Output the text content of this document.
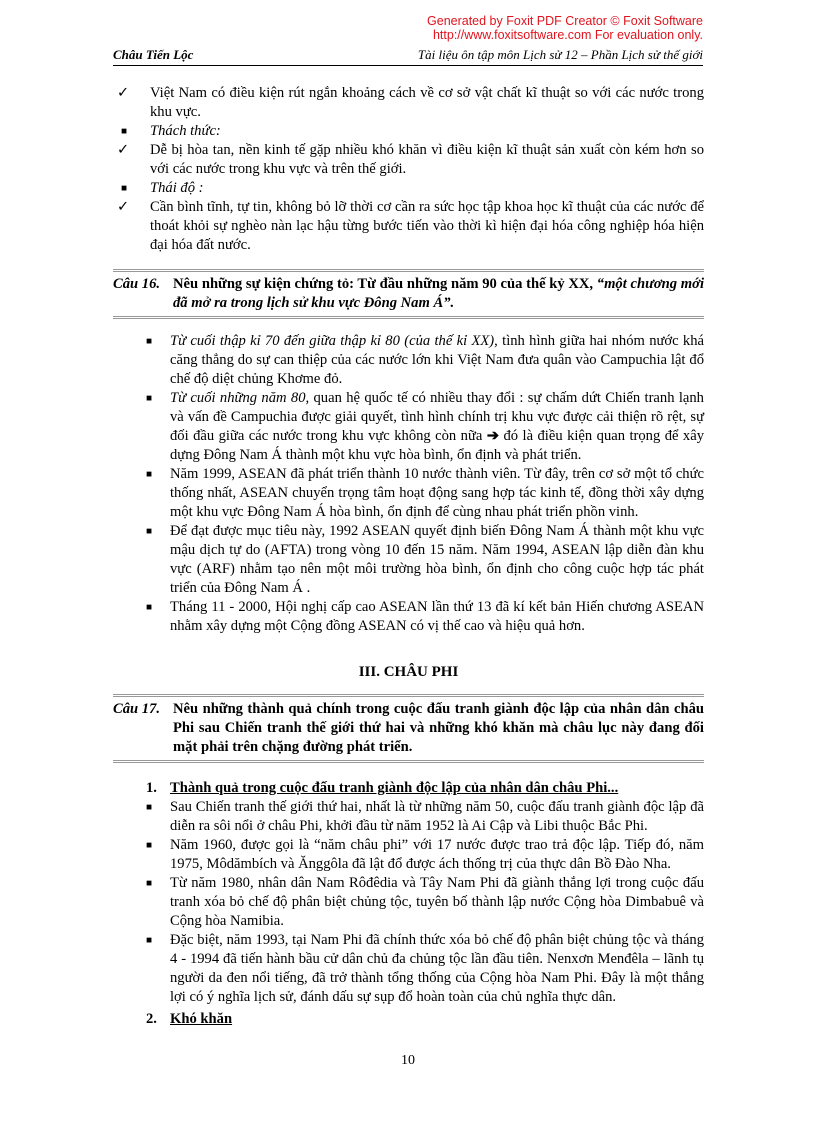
Generated by Foxit PDF Creator © Foxit Software
http://www.foxitsoftware.com For evaluation only.
Châu Tiến Lộc	Tài liệu ôn tập môn Lịch sử 12 – Phần Lịch sử thế giới
✓	Việt Nam có điều kiện rút ngắn khoảng cách về cơ sở vật chất kĩ thuật so với các nước trong khu vực.
■	Thách thức:
✓	Dễ bị hòa tan, nền kinh tế gặp nhiều khó khăn vì điều kiện kĩ thuật sản xuất còn kém hơn so với các nước trong khu vực và trên thế giới.
■	Thái độ :
✓	Cần bình tĩnh, tự tin, không bỏ lỡ thời cơ cần ra sức học tập khoa học kĩ thuật của các nước để thoát khỏi sự nghèo nàn lạc hậu từng bước tiến vào thời kì hiện đại hóa công nghiệp hóa hiện đại hóa đất nước.
Câu 16. Nêu những sự kiện chứng tỏ: Từ đầu những năm 90 của thế kỷ XX, “một chương mới đã mở ra trong lịch sử khu vực Đông Nam Á”.
■	Từ cuối thập kỉ 70 đến giữa thập kỉ 80 (của thế kỉ XX), tình hình giữa hai nhóm nước khá căng thẳng do sự can thiệp của các nước lớn khi Việt Nam đưa quân vào Campuchia lật đổ chế độ diệt chủng Khơme đỏ.
■	Từ cuối những năm 80, quan hệ quốc tế có nhiều thay đổi : sự chấm dứt Chiến tranh lạnh và vấn đề Campuchia được giải quyết, tình hình chính trị khu vực được cải thiện rõ rệt, sự đối đầu giữa các nước trong khu vực không còn nữa ➔ đó là điều kiện quan trọng để xây dựng Đông Nam Á thành một khu vực hòa bình, ổn định và phát triển.
■	Năm 1999, ASEAN đã phát triển thành 10 nước thành viên. Từ đây, trên cơ sở một tổ chức thống nhất, ASEAN chuyển trọng tâm hoạt động sang hợp tác kinh tế, đồng thời xây dựng một khu vực Đông Nam Á hòa bình, ổn định để cùng nhau phát triển phồn vinh.
■	Để đạt được mục tiêu này, 1992 ASEAN quyết định biến Đông Nam Á thành một khu vực mậu dịch tự do (AFTA) trong vòng 10 đến 15 năm. Năm 1994, ASEAN lập diễn đàn khu vực (ARF) nhằm tạo nên một môi trường hòa bình, ổn định cho công cuộc hợp tác phát triển của Đông Nam Á .
■	Tháng 11 - 2000, Hội nghị cấp cao ASEAN lần thứ 13 đã kí kết bản Hiến chương ASEAN nhằm xây dựng một Cộng đồng ASEAN có vị thế cao và hiệu quả hơn.
III. CHÂU PHI
Câu 17. Nêu những thành quả chính trong cuộc đấu tranh giành độc lập của nhân dân châu Phi sau Chiến tranh thế giới thứ hai và những khó khăn mà châu lục này đang đối mặt phải trên chặng đường phát triển.
1. Thành quả trong cuộc đấu tranh giành độc lập của nhân dân châu Phi...
■	Sau Chiến tranh thế giới thứ hai, nhất là từ những năm 50, cuộc đấu tranh giành độc lập đã diễn ra sôi nổi ở châu Phi, khởi đầu từ năm 1952 là Ai Cập và Libi thuộc Bắc Phi.
■	Năm 1960, được gọi là “năm châu phi” với 17 nước được trao trả độc lập. Tiếp đó, năm 1975, Môdămbích và Ănggôla đã lật đổ được ách thống trị của thực dân Bồ Đào Nha.
■	Từ năm 1980, nhân dân Nam Rôđêdia và Tây Nam Phi đã giành thắng lợi trong cuộc đấu tranh xóa bỏ chế độ phân biệt chủng tộc, tuyên bố thành lập nước Cộng hòa Dimbabuê và Cộng hòa Namibia.
■	Đặc biệt, năm 1993, tại Nam Phi đã chính thức xóa bỏ chế độ phân biệt chủng tộc và tháng 4 - 1994 đã tiến hành bầu cử dân chủ đa chủng tộc lần đầu tiên. Nenxơn Menđêla – lãnh tụ người da đen nổi tiếng, đã trở thành tổng thống của Cộng hòa Nam Phi. Đây là một thắng lợi có ý nghĩa lịch sử, đánh dấu sự sụp đổ hoàn toàn của chủ nghĩa thực dân.
2. Khó khăn
10
